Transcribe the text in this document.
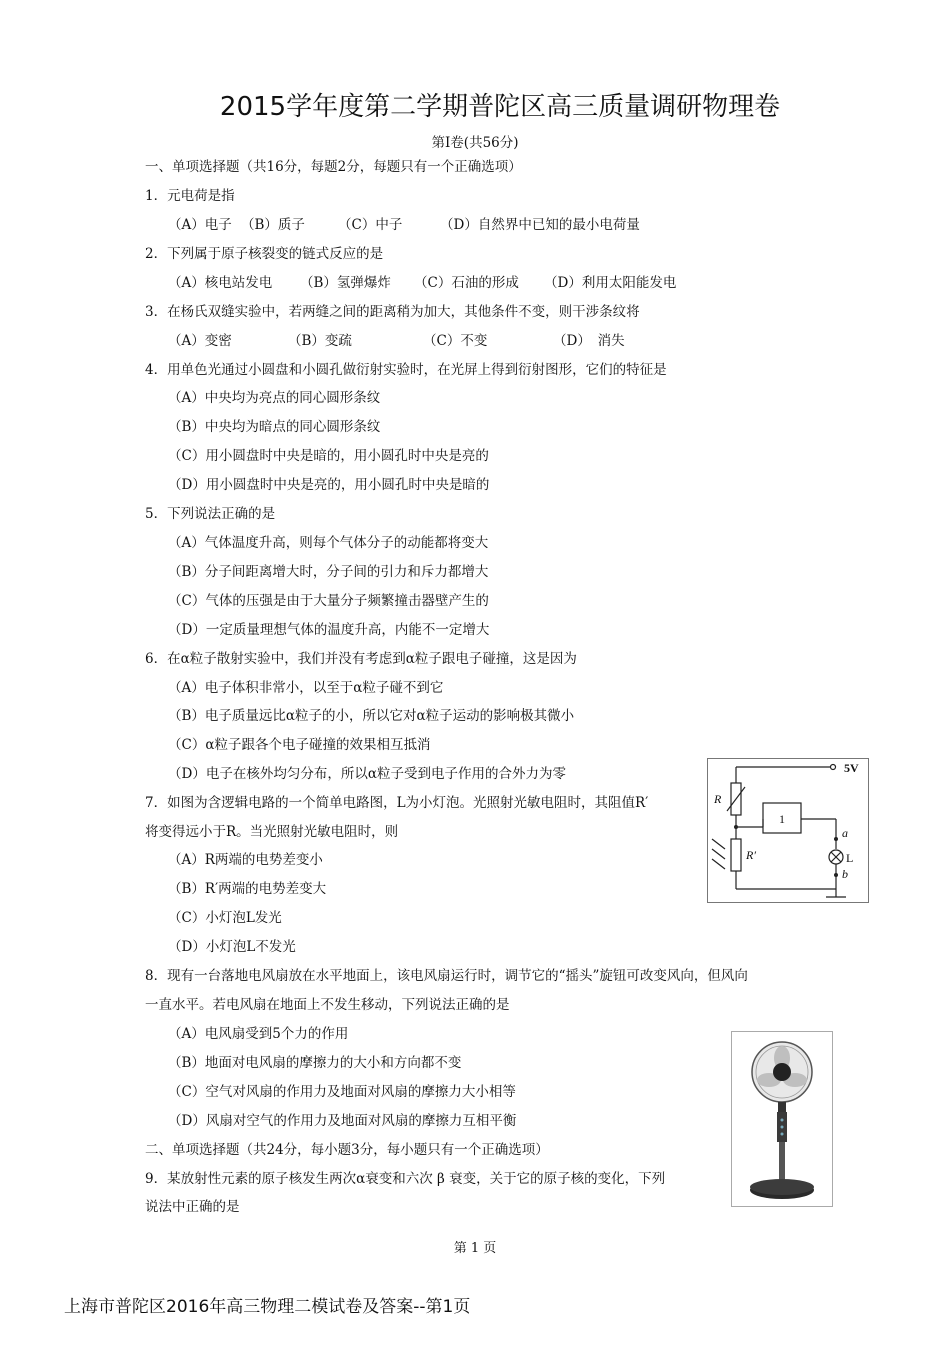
2015学年度第二学期普陀区高三质量调研物理卷
第Ⅰ卷(共56分)
一、单项选择题（共16分，每题2分，每题只有一个正确选项）
1．元电荷是指
（A）电子 （B）质子 （C）中子	（D）自然界中已知的最小电荷量
2．下列属于原子核裂变的链式反应的是
（A）核电站发电 （B）氢弹爆炸 （C）石油的形成 （D）利用太阳能发电
3．在杨氏双缝实验中，若两缝之间的距离稍为加大，其他条件不变，则干涉条纹将
（A）变密	（B）变疏	（C）不变	（D）　消失
4．用单色光通过小圆盘和小圆孔做衍射实验时，在光屏上得到衍射图形，它们的特征是
（A）中央均为亮点的同心圆形条纹
（B）中央均为暗点的同心圆形条纹
（C）用小圆盘时中央是暗的，用小圆孔时中央是亮的
（D）用小圆盘时中央是亮的，用小圆孔时中央是暗的
5．下列说法正确的是
（A）气体温度升高，则每个气体分子的动能都将变大
（B）分子间距离增大时，分子间的引力和斥力都增大
（C）气体的压强是由于大量分子频繁撞击器壁产生的
（D）一定质量理想气体的温度升高，内能不一定增大
6．在α粒子散射实验中，我们并没有考虑到α粒子跟电子碰撞，这是因为
（A）电子体积非常小，以至于α粒子碰不到它
（B）电子质量远比α粒子的小，所以它对α粒子运动的影响极其微小
（C）α粒子跟各个电子碰撞的效果相互抵消
（D）电子在核外均匀分布，所以α粒子受到电子作用的合外力为零
7．如图为含逻辑电路的一个简单电路图，L为小灯泡。光照射光敏电阻时，其阻值R′
将变得远小于R。当光照射光敏电阻时，则
（A）R两端的电势差变小
（B）R′两端的电势差变大
（C）小灯泡L发光
（D）小灯泡L不发光
5V
R
R′
1
a
L
b
8．现有一台落地电风扇放在水平地面上，该电风扇运行时，调节它的“摇头”旋钮可改变风向，但风向
一直水平。若电风扇在地面上不发生移动，下列说法正确的是
（A）电风扇受到5个力的作用
（B）地面对电风扇的摩擦力的大小和方向都不变
（C）空气对风扇的作用力及地面对风扇的摩擦力大小相等
（D）风扇对空气的作用力及地面对风扇的摩擦力互相平衡
二、单项选择题（共24分，每小题3分，每小题只有一个正确选项）
9．某放射性元素的原子核发生两次α衰变和六次 β 衰变，关于它的原子核的变化，下列
说法中正确的是
第 1 页
上海市普陀区2016年高三物理二模试卷及答案--第1页
